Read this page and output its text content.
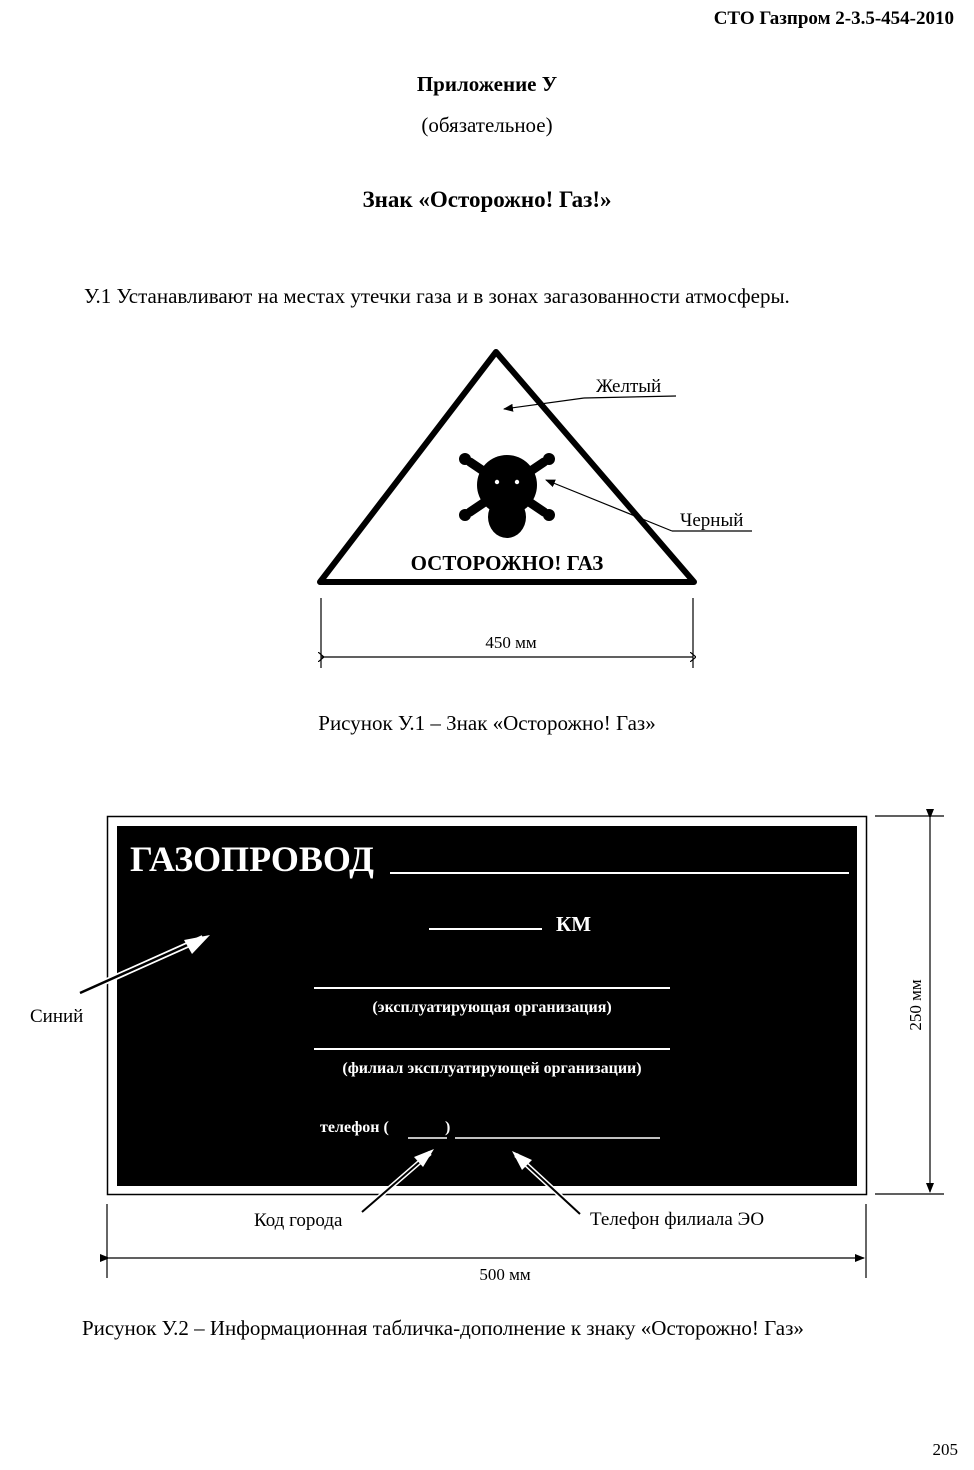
СТО Газпром 2-3.5-454-2010
Приложение У
(обязательное)
Знак «Осторожно! Газ!»
У.1 Устанавливают на местах утечки газа и в зонах загазованности атмосферы.
ОСТОРОЖНО! ГАЗ
Желтый
Черный
450 мм
ГАЗОПРОВОД
КМ
(эксплуатирующая организация)
(филиал эксплуатирующей организации)
телефон (	)
Синий
Код города	Телефон филиала ЭО
250 мм
500 мм
Рисунок У.1 – Знак «Осторожно! Газ»
Рисунок У.2 – Информационная табличка-дополнение к знаку «Осторожно! Газ»
205
